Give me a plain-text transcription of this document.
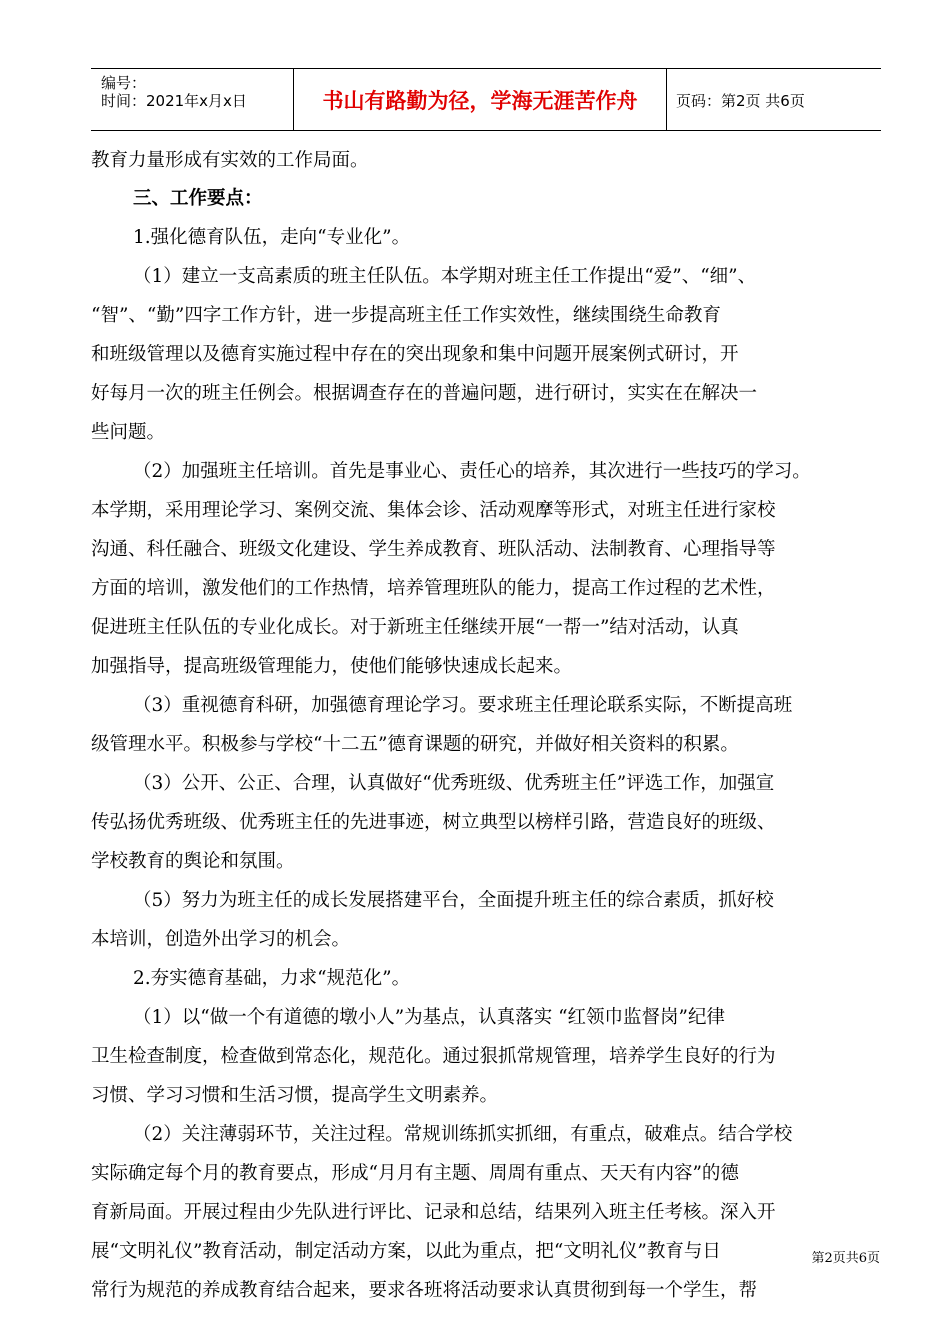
编号：
时间：2021年x月x日	书山有路勤为径，学海无涯苦作舟	页码：第2页 共6页
教育力量形成有实效的工作局面。
三、工作要点：
1.强化德育队伍，走向“专业化”。
（1）建立一支高素质的班主任队伍。本学期对班主任工作提出“爱”、“细”、
“智”、“勤”四字工作方针，进一步提高班主任工作实效性，继续围绕生命教育
和班级管理以及德育实施过程中存在的突出现象和集中问题开展案例式研讨，开
好每月一次的班主任例会。根据调查存在的普遍问题，进行研讨，实实在在解决一
些问题。
（2）加强班主任培训。首先是事业心、责任心的培养，其次进行一些技巧的学习。
本学期，采用理论学习、案例交流、集体会诊、活动观摩等形式，对班主任进行家校
沟通、科任融合、班级文化建设、学生养成教育、班队活动、法制教育、心理指导等
方面的培训，激发他们的工作热情，培养管理班队的能力，提高工作过程的艺术性，
促进班主任队伍的专业化成长。对于新班主任继续开展“一帮一”结对活动，认真
加强指导，提高班级管理能力，使他们能够快速成长起来。
（3）重视德育科研，加强德育理论学习。要求班主任理论联系实际，不断提高班
级管理水平。积极参与学校“十二五”德育课题的研究，并做好相关资料的积累。
（3）公开、公正、合理，认真做好“优秀班级、优秀班主任”评选工作，加强宣
传弘扬优秀班级、优秀班主任的先进事迹，树立典型以榜样引路，营造良好的班级、
学校教育的舆论和氛围。
（5）努力为班主任的成长发展搭建平台，全面提升班主任的综合素质，抓好校
本培训，创造外出学习的机会。
2.夯实德育基础，力求“规范化”。
（1）以“做一个有道德的墩小人”为基点，认真落实 “红领巾监督岗”纪律
卫生检查制度，检查做到常态化，规范化。通过狠抓常规管理，培养学生良好的行为
习惯、学习习惯和生活习惯，提高学生文明素养。
（2）关注薄弱环节，关注过程。常规训练抓实抓细，有重点，破难点。结合学校
实际确定每个月的教育要点，形成“月月有主题、周周有重点、天天有内容”的德
育新局面。开展过程由少先队进行评比、记录和总结，结果列入班主任考核。深入开
展“文明礼仪”教育活动，制定活动方案，以此为重点，把“文明礼仪”教育与日
常行为规范的养成教育结合起来，要求各班将活动要求认真贯彻到每一个学生，帮
第2页共6页
